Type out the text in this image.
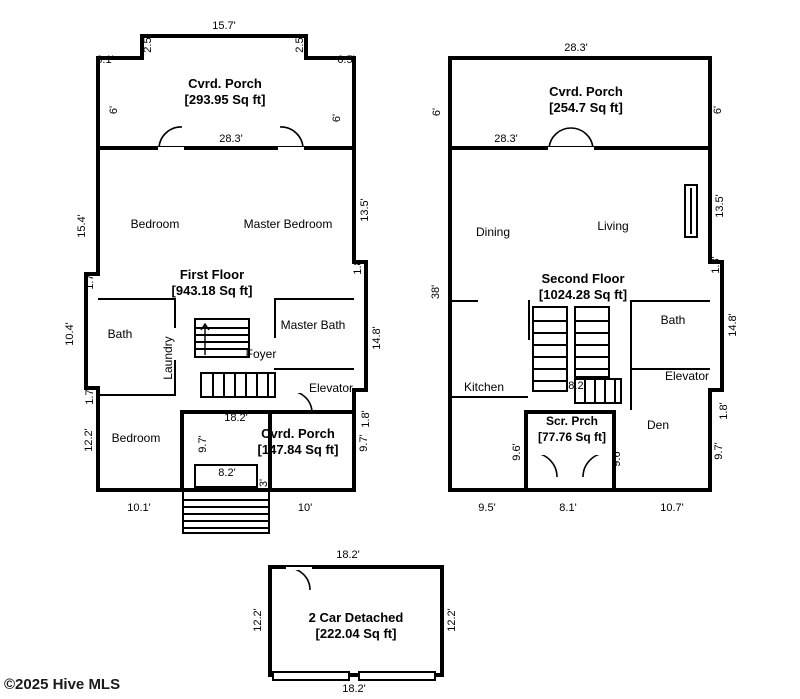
Bedroom	Master Bedroom
Bath
Laundry	Foyer
Master Bath
Elevator
Bedroom
First Floor
[943.18 Sq ft]
Cvrd. Porch
[293.95 Sq ft]
Cvrd. Porch
[147.84 Sq ft]
6.1'
2.5'
15.7'
2.5'
6.5'
6'
6'
28.3'
15.4'
13.5'
1.7'
1.8'
10.4'	14.8'
1.7'
12.2'	9.7'
8.2'
3'
18.2'	1.8'
9.7'
10.1'	10'
Dining	Living
Kitchen
Bath
Elevator
Den
Second Floor
[1024.28 Sq ft]
Cvrd. Porch
[254.7 Sq ft]
Scr. Prch
[77.76 Sq ft]
28.3'
6'	6'
28.3'
13.5'
38'
1.8'
14.8'
1.8'
9.7'
8.2'
9.6'	9.6'
9.5'	8.1'	10.7'
2 Car Detached
[222.04 Sq ft]
18.2'
12.2'	12.2'
18.2'
©2025 Hive MLS
